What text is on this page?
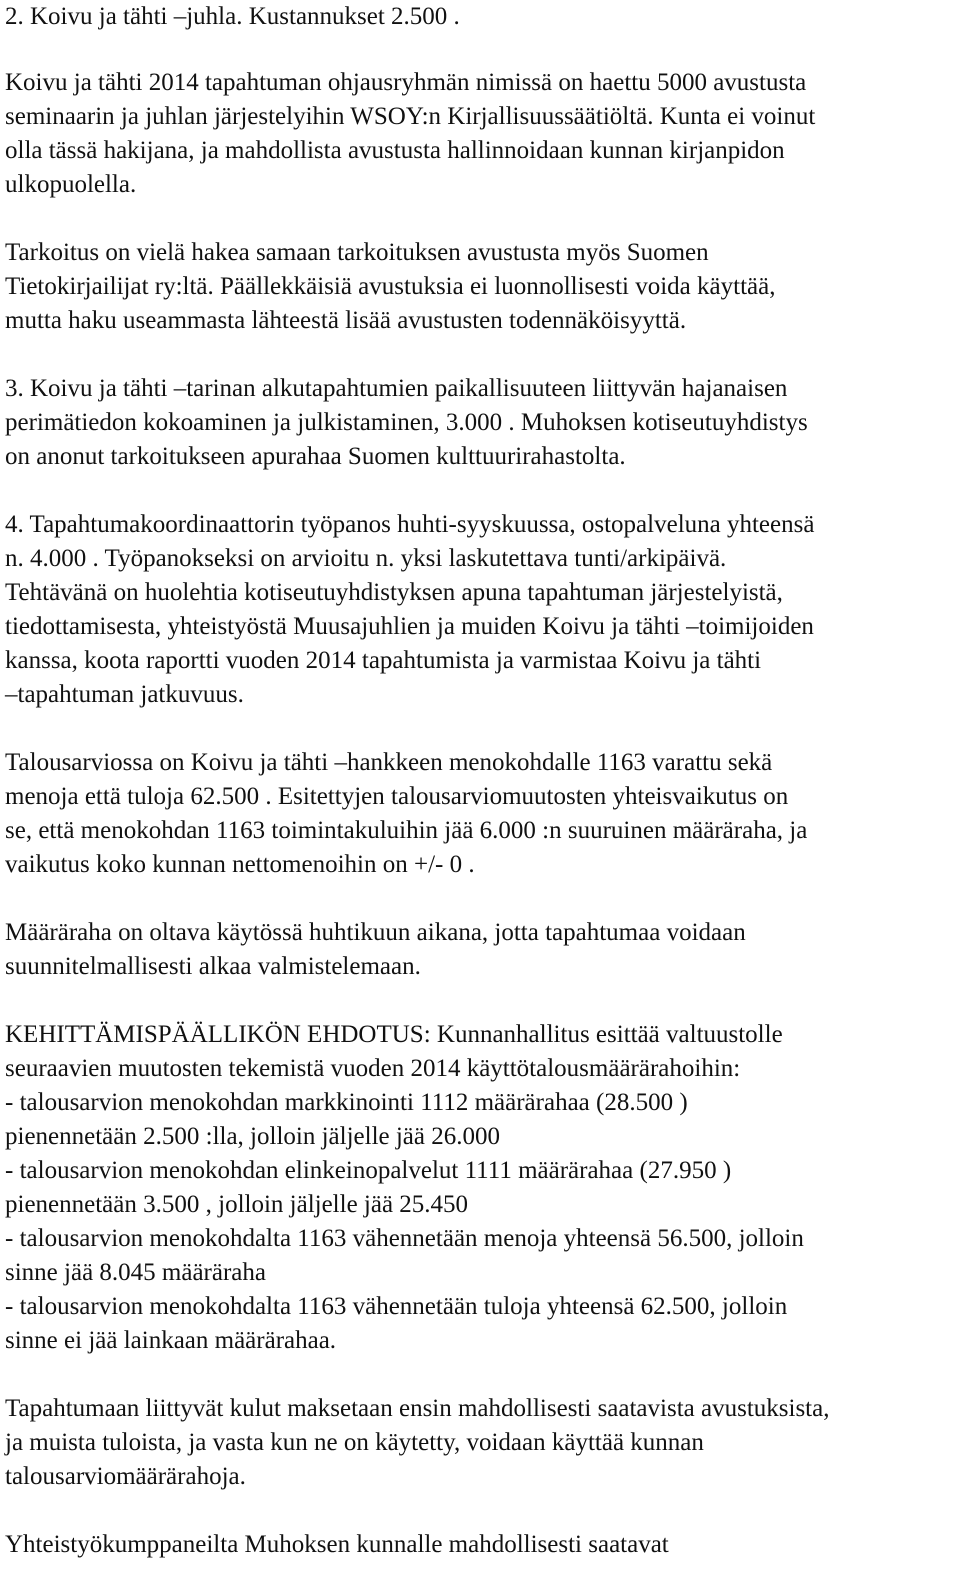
2. Koivu ja tähti –juhla. Kustannukset 2.500 .
Koivu ja tähti 2014 tapahtuman ohjausryhmän nimissä on haettu 5000 avustusta
seminaarin ja juhlan järjestelyihin WSOY:n Kirjallisuussäätiöltä. Kunta ei voinut
olla tässä hakijana, ja mahdollista avustusta hallinnoidaan kunnan kirjanpidon
ulkopuolella.
Tarkoitus on vielä hakea samaan tarkoituksen avustusta myös Suomen
Tietokirjailijat ry:ltä. Päällekkäisiä avustuksia ei luonnollisesti voida käyttää,
mutta haku useammasta lähteestä lisää avustusten todennäköisyyttä.
3. Koivu ja tähti –tarinan alkutapahtumien paikallisuuteen liittyvän hajanaisen
perimätiedon kokoaminen ja julkistaminen, 3.000 . Muhoksen kotiseutuyhdistys
on anonut tarkoitukseen apurahaa Suomen kulttuurirahastolta.
4. Tapahtumakoordinaattorin työpanos huhti-syyskuussa, ostopalveluna yhteensä
n. 4.000 . Työpanokseksi on arvioitu n. yksi laskutettava tunti/arkipäivä.
Tehtävänä on huolehtia kotiseutuyhdistyksen apuna tapahtuman järjestelyistä,
tiedottamisesta, yhteistyöstä Muusajuhlien ja muiden Koivu ja tähti –toimijoiden
kanssa, koota raportti vuoden 2014 tapahtumista ja varmistaa Koivu ja tähti
–tapahtuman jatkuvuus.
Talousarviossa on Koivu ja tähti –hankkeen menokohdalle 1163 varattu sekä
menoja että tuloja 62.500 . Esitettyjen talousarviomuutosten yhteisvaikutus on
se, että menokohdan 1163 toimintakuluihin jää 6.000 :n suuruinen määräraha, ja
vaikutus koko kunnan nettomenoihin on +/- 0 .
Määräraha on oltava käytössä huhtikuun aikana, jotta tapahtumaa voidaan
suunnitelmallisesti alkaa valmistelemaan.
KEHITTÄMISPÄÄLLIKÖN EHDOTUS: Kunnanhallitus esittää valtuustolle
seuraavien muutosten tekemistä vuoden 2014 käyttötalousmäärärahoihin:
- talousarvion menokohdan markkinointi 1112 määrärahaa (28.500 )
pienennetään 2.500 :lla, jolloin jäljelle jää 26.000
- talousarvion menokohdan elinkeinopalvelut 1111 määrärahaa (27.950 )
pienennetään 3.500 , jolloin jäljelle jää 25.450
- talousarvion menokohdalta 1163 vähennetään menoja yhteensä 56.500, jolloin
sinne jää 8.045 määräraha
- talousarvion menokohdalta 1163 vähennetään tuloja yhteensä 62.500, jolloin
sinne ei jää lainkaan määrärahaa.
Tapahtumaan liittyvät kulut maksetaan ensin mahdollisesti saatavista avustuksista,
ja muista tuloista, ja vasta kun ne on käytetty, voidaan käyttää kunnan
talousarviomäärärahoja.
Yhteistyökumppaneilta Muhoksen kunnalle mahdollisesti saatavat
